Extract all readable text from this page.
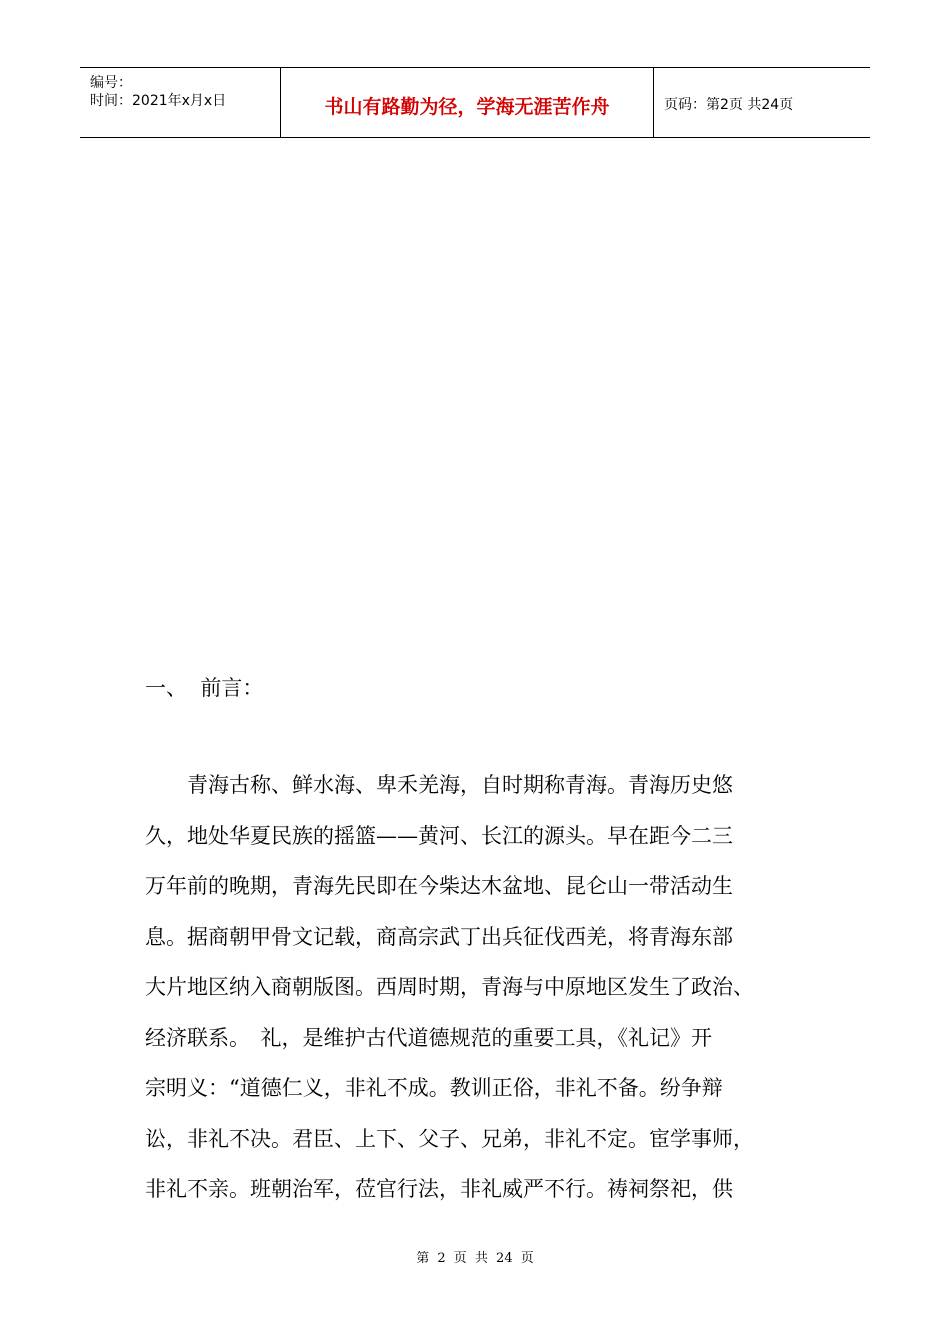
编号：
时间：2021年x月x日	书山有路勤为径，学海无涯苦作舟	页码：第2页 共24页
一、  前言：

　　青海古称、鲜水海、卑禾羌海，自时期称青海。青海历史悠

久，地处华夏民族的摇篮——黄河、长江的源头。早在距今二三

万年前的晚期，青海先民即在今柴达木盆地、昆仑山一带活动生

息。据商朝甲骨文记载，商高宗武丁出兵征伐西羌，将青海东部

大片地区纳入商朝版图。西周时期，青海与中原地区发生了政治、

经济联系。　礼，是维护古代道德规范的重要工具，《礼记》开

宗明义：“道德仁义，非礼不成。教训正俗，非礼不备。纷争辩

讼，非礼不决。君臣、上下、父子、兄弟，非礼不定。宦学事师，

非礼不亲。班朝治军，莅官行法，非礼威严不行。祷祠祭祀，供

第 2 页 共 24 页
